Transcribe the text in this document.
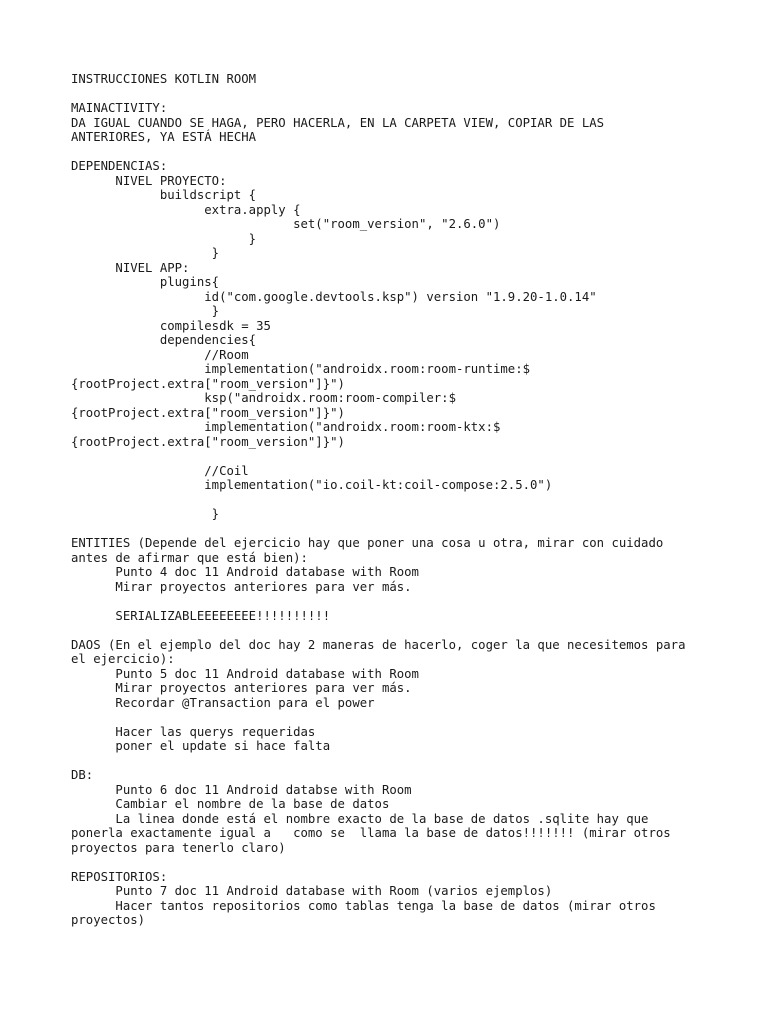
INSTRUCCIONES KOTLIN ROOM
MAINACTIVITY:
DA IGUAL CUANDO SE HAGA, PERO HACERLA, EN LA CARPETA VIEW, COPIAR DE LAS
ANTERIORES, YA ESTÁ HECHA
DEPENDENCIAS:
NIVEL PROYECTO:
buildscript {
extra.apply {
set("room_version", "2.6.0")
}
}
NIVEL APP:
plugins{
id("com.google.devtools.ksp") version "1.9.20-1.0.14"
}
compilesdk = 35
dependencies{
//Room
implementation("androidx.room:room-runtime:$
{rootProject.extra["room_version"]}")
ksp("androidx.room:room-compiler:$
{rootProject.extra["room_version"]}")
implementation("androidx.room:room-ktx:$
{rootProject.extra["room_version"]}")
//Coil
implementation("io.coil-kt:coil-compose:2.5.0")
}
ENTITIES (Depende del ejercicio hay que poner una cosa u otra, mirar con cuidado
antes de afirmar que está bien):
Punto 4 doc 11 Android database with Room
Mirar proyectos anteriores para ver más.
SERIALIZABLEEEEEEEE!!!!!!!!!!
DAOS (En el ejemplo del doc hay 2 maneras de hacerlo, coger la que necesitemos para
el ejercicio):
Punto 5 doc 11 Android database with Room
Mirar proyectos anteriores para ver más.
Recordar @Transaction para el power
Hacer las querys requeridas
poner el update si hace falta
DB:
Punto 6 doc 11 Android databse with Room
Cambiar el nombre de la base de datos
La linea donde está el nombre exacto de la base de datos .sqlite hay que
ponerla exactamente igual a   como se  llama la base de datos!!!!!!! (mirar otros
proyectos para tenerlo claro)
REPOSITORIOS:
Punto 7 doc 11 Android database with Room (varios ejemplos)
Hacer tantos repositorios como tablas tenga la base de datos (mirar otros
proyectos)
